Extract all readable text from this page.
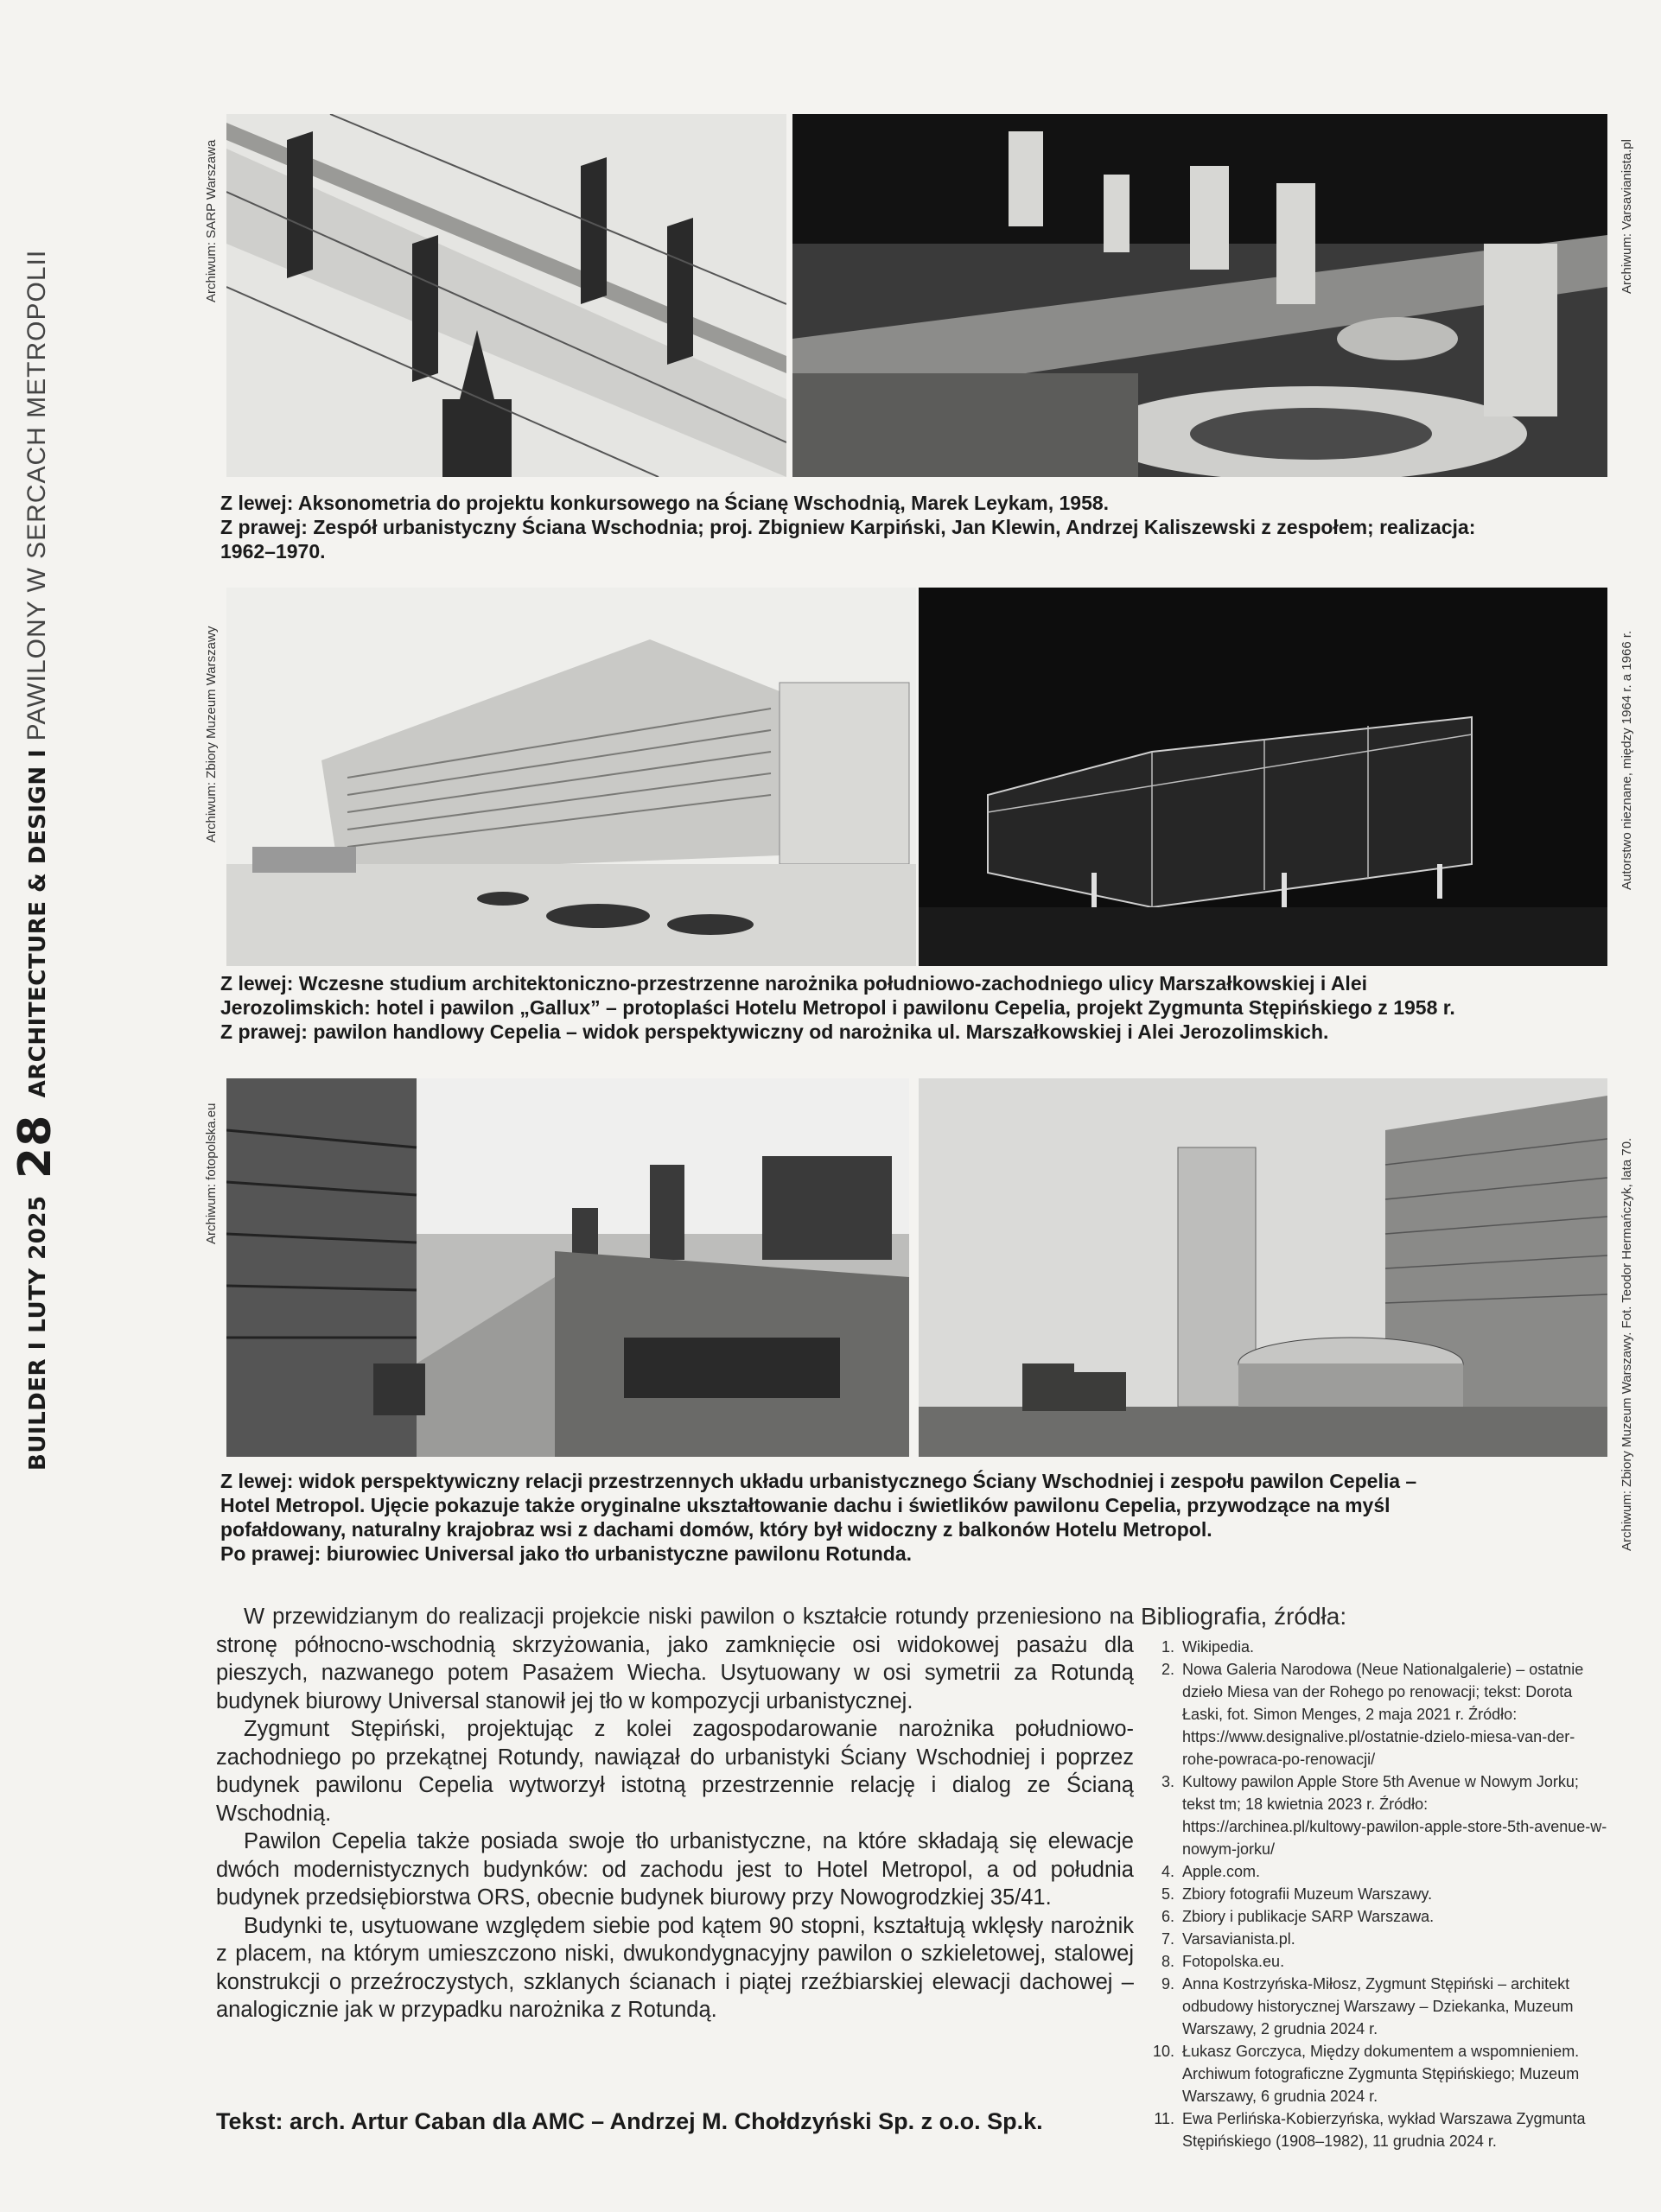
BUILDER I LUTY 2025 28 ARCHITECTURE & DESIGN I PAWILONY W SERCACH METROPOLII
Archiwum: SARP Warszawa	Archiwum: Varsavianista.pl
Z lewej: Aksonometria do projektu konkursowego na Ścianę Wschodnią, Marek Leykam, 1958.
Z prawej: Zespół urbanistyczny Ściana Wschodnia; proj. Zbigniew Karpiński, Jan Klewin, Andrzej Kaliszewski z zespołem; realizacja:
1962–1970.
Archiwum: Zbiory Muzeum Warszawy	Autorstwo nieznane, między 1964 r. a 1966 r.
Z lewej: Wczesne studium architektoniczno-przestrzenne narożnika południowo-zachodniego ulicy Marszałkowskiej i Alei
Jerozolimskich: hotel i pawilon „Gallux” – protoplaści Hotelu Metropol i pawilonu Cepelia, projekt Zygmunta Stępińskiego z 1958 r.
Z prawej: pawilon handlowy Cepelia – widok perspektywiczny od narożnika ul. Marszałkowskiej i Alei Jerozolimskich.
Archiwum: fotopolska.eu	Archiwum: Zbiory Muzeum Warszawy. Fot. Teodor Hermańczyk, lata 70.
Z lewej: widok perspektywiczny relacji przestrzennych układu urbanistycznego Ściany Wschodniej i zespołu pawilon Cepelia –
Hotel Metropol. Ujęcie pokazuje także oryginalne ukształtowanie dachu i świetlików pawilonu Cepelia, przywodzące na myśl
pofałdowany, naturalny krajobraz wsi z dachami domów, który był widoczny z balkonów Hotelu Metropol.
Po prawej: biurowiec Universal jako tło urbanistyczne pawilonu Rotunda.

W przewidzianym do realizacji projekcie niski pawilon o kształcie rotundy przeniesiono na stronę północno-wschodnią skrzyżowania, jako zamknięcie osi widokowej pasażu dla pieszych, nazwanego potem Pasażem Wiecha. Usytuowany w osi symetrii za Rotundą budynek biurowy Universal stanowił jej tło w kompozycji urbanistycznej.

Zygmunt Stępiński, projektując z kolei zagospodarowanie narożnika południowo-zachodniego po przekątnej Rotundy, nawiązał do urbanistyki Ściany Wschodniej i poprzez budynek pawilonu Cepelia wytworzył istotną przestrzennie relację i dialog ze Ścianą Wschodnią.

Pawilon Cepelia także posiada swoje tło urbanistyczne, na które składają się elewacje dwóch modernistycznych budynków: od zachodu jest to Hotel Metropol, a od południa budynek przedsiębiorstwa ORS, obecnie budynek biurowy przy Nowogrodzkiej 35/41.

Budynki te, usytuowane względem siebie pod kątem 90 stopni, kształtują wklęsły narożnik z placem, na którym umieszczono niski, dwukondygnacyjny pawilon o szkieletowej, stalowej konstrukcji o przeźroczystych, szklanych ścianach i piątej rzeźbiarskiej elewacji dachowej – analogicznie jak w przypadku narożnika z Rotundą.

Tekst: arch. Artur Caban dla AMC – Andrzej M. Chołdzyński Sp. z o.o. Sp.k.
Bibliografia, źródła:
1. Wikipedia.
2. Nowa Galeria Narodowa (Neue Nationalgalerie) – ostatnie dzieło Miesa van der Rohego po renowacji; tekst: Dorota Łaski, fot. Simon Menges, 2 maja 2021 r. Źródło: https://www.designalive.pl/ostatnie-dzielo-miesa-van-der-rohe-powraca-po-renowacji/
3. Kultowy pawilon Apple Store 5th Avenue w Nowym Jorku; tekst tm; 18 kwietnia 2023 r. Źródło: https://archinea.pl/kultowy-pawilon-apple-store-5th-avenue-w-nowym-jorku/
4. Apple.com.
5. Zbiory fotografii Muzeum Warszawy.
6. Zbiory i publikacje SARP Warszawa.
7. Varsavianista.pl.
8. Fotopolska.eu.
9. Anna Kostrzyńska-Miłosz, Zygmunt Stępiński – architekt odbudowy historycznej Warszawy – Dziekanka, Muzeum Warszawy, 2 grudnia 2024 r.
10. Łukasz Gorczyca, Między dokumentem a wspomnieniem. Archiwum fotograficzne Zygmunta Stępińskiego; Muzeum Warszawy, 6 grudnia 2024 r.
11. Ewa Perlińska-Kobierzyńska, wykład Warszawa Zygmunta Stępińskiego (1908–1982), 11 grudnia 2024 r.
